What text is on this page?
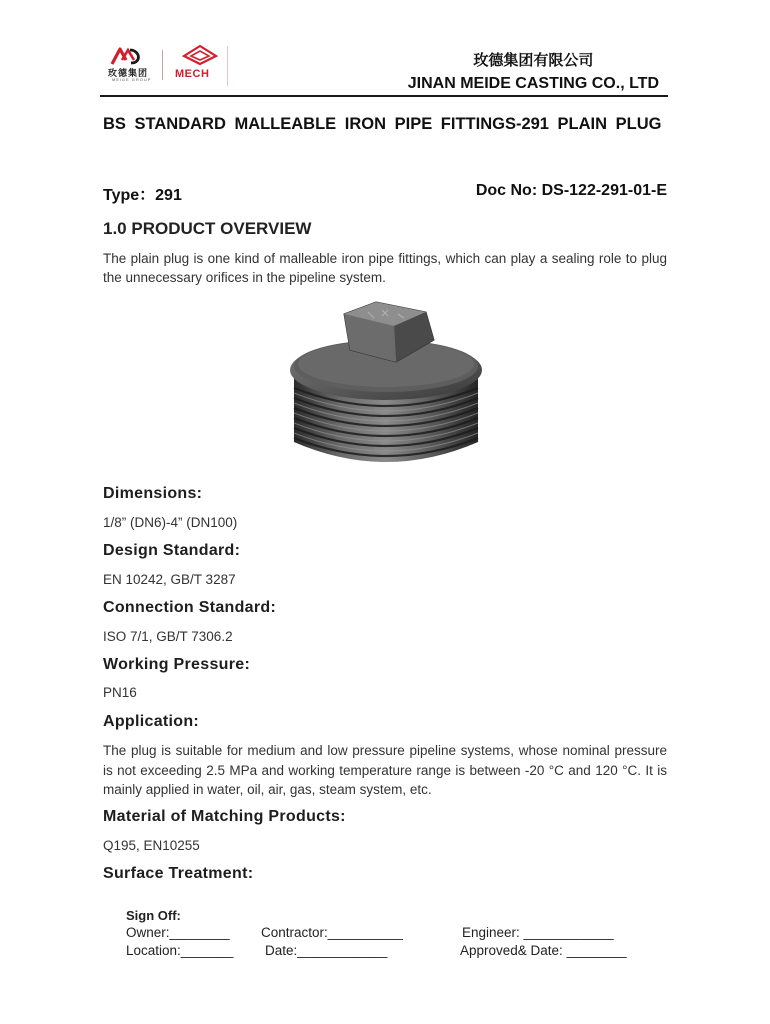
玫德集团
MEIDE GROUP MECH
玫德集团有限公司
JINAN MEIDE CASTING CO., LTD
BS STANDARD MALLEABLE IRON PIPE FITTINGS-291 PLAIN PLUG
Type：291	Doc No: DS-122-291-01-E
1.0 PRODUCT OVERVIEW
The plain plug is one kind of malleable iron pipe fittings, which can play a sealing role to plug the unnecessary orifices in the pipeline system.
Dimensions:
1/8” (DN6)-4” (DN100)
Design Standard:
EN 10242, GB/T 3287
Connection Standard:
ISO 7/1, GB/T 7306.2
Working Pressure:
PN16
Application:
The plug is suitable for medium and low pressure pipeline systems, whose nominal pressure is not exceeding 2.5 MPa and working temperature range is between -20 °C and 120 °C. It is mainly applied in water, oil, air, gas, steam system, etc.
Material of Matching Products:
Q195, EN10255
Surface Treatment:
Sign Off:
Owner:________ Contractor:__________	Engineer: ____________
Location:_______ Date:____________	Approved& Date: ________
